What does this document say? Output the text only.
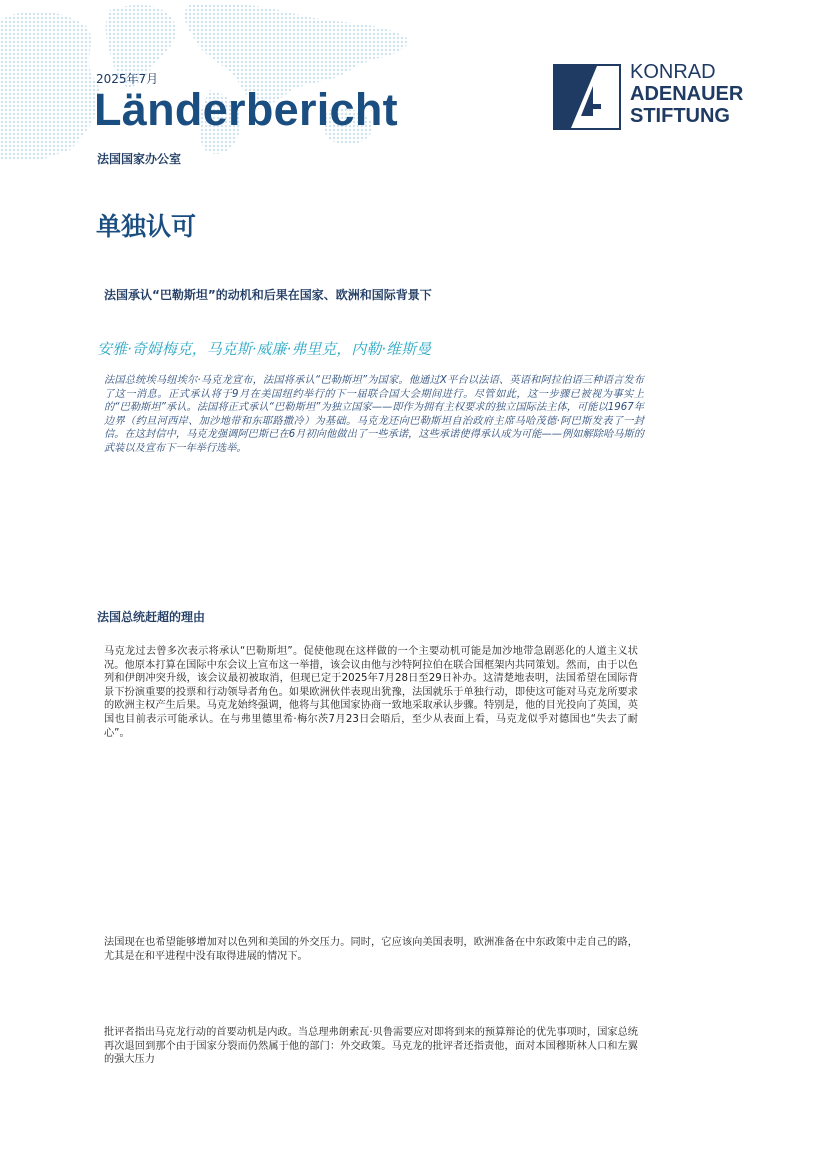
2025年7月
Länderbericht
法国国家办公室
KONRAD
ADENAUER
STIFTUNG
单独认可
法国承认“巴勒斯坦”的动机和后果在国家、欧洲和国际背景下
安雅·奇姆梅克，马克斯·威廉·弗里克，内勒·维斯曼
法国总统埃马纽埃尔·马克龙宣布，法国将承认“巴勒斯坦”为国家。他通过X平台以法语、英语和阿拉伯语三种语言发布了这一消息。正式承认将于9月在美国纽约举行的下一届联合国大会期间进行。尽管如此，这一步骤已被视为事实上的“巴勒斯坦”承认。法国将正式承认“巴勒斯坦”为独立国家——即作为拥有主权要求的独立国际法主体，可能以1967年边界（约旦河西岸、加沙地带和东耶路撒冷）为基础。马克龙还向巴勒斯坦自治政府主席马哈茂德·阿巴斯发表了一封信。在这封信中，马克龙强调阿巴斯已在6月初向他做出了一些承诺，这些承诺使得承认成为可能——例如解除哈马斯的武装以及宣布下一年举行选举。
法国总统赶超的理由
马克龙过去曾多次表示将承认“巴勒斯坦”。促使他现在这样做的一个主要动机可能是加沙地带急剧恶化的人道主义状况。他原本打算在国际中东会议上宣布这一举措，该会议由他与沙特阿拉伯在联合国框架内共同策划。然而，由于以色列和伊朗冲突升级，该会议最初被取消，但现已定于2025年7月28日至29日补办。这清楚地表明，法国希望在国际背景下扮演重要的投票和行动领导者角色。如果欧洲伙伴表现出犹豫，法国就乐于单独行动，即使这可能对马克龙所要求的欧洲主权产生后果。马克龙始终强调，他将与其他国家协商一致地采取承认步骤。特别是，他的目光投向了英国，英国也目前表示可能承认。在与弗里德里希·梅尔茨7月23日会晤后，至少从表面上看，马克龙似乎对德国也“失去了耐心”。
法国现在也希望能够增加对以色列和美国的外交压力。同时，它应该向美国表明，欧洲准备在中东政策中走自己的路，尤其是在和平进程中没有取得进展的情况下。
批评者指出马克龙行动的首要动机是内政。当总理弗朗索瓦·贝鲁需要应对即将到来的预算辩论的优先事项时，国家总统再次退回到那个由于国家分裂而仍然属于他的部门：外交政策。马克龙的批评者还指责他，面对本国穆斯林人口和左翼的强大压力
